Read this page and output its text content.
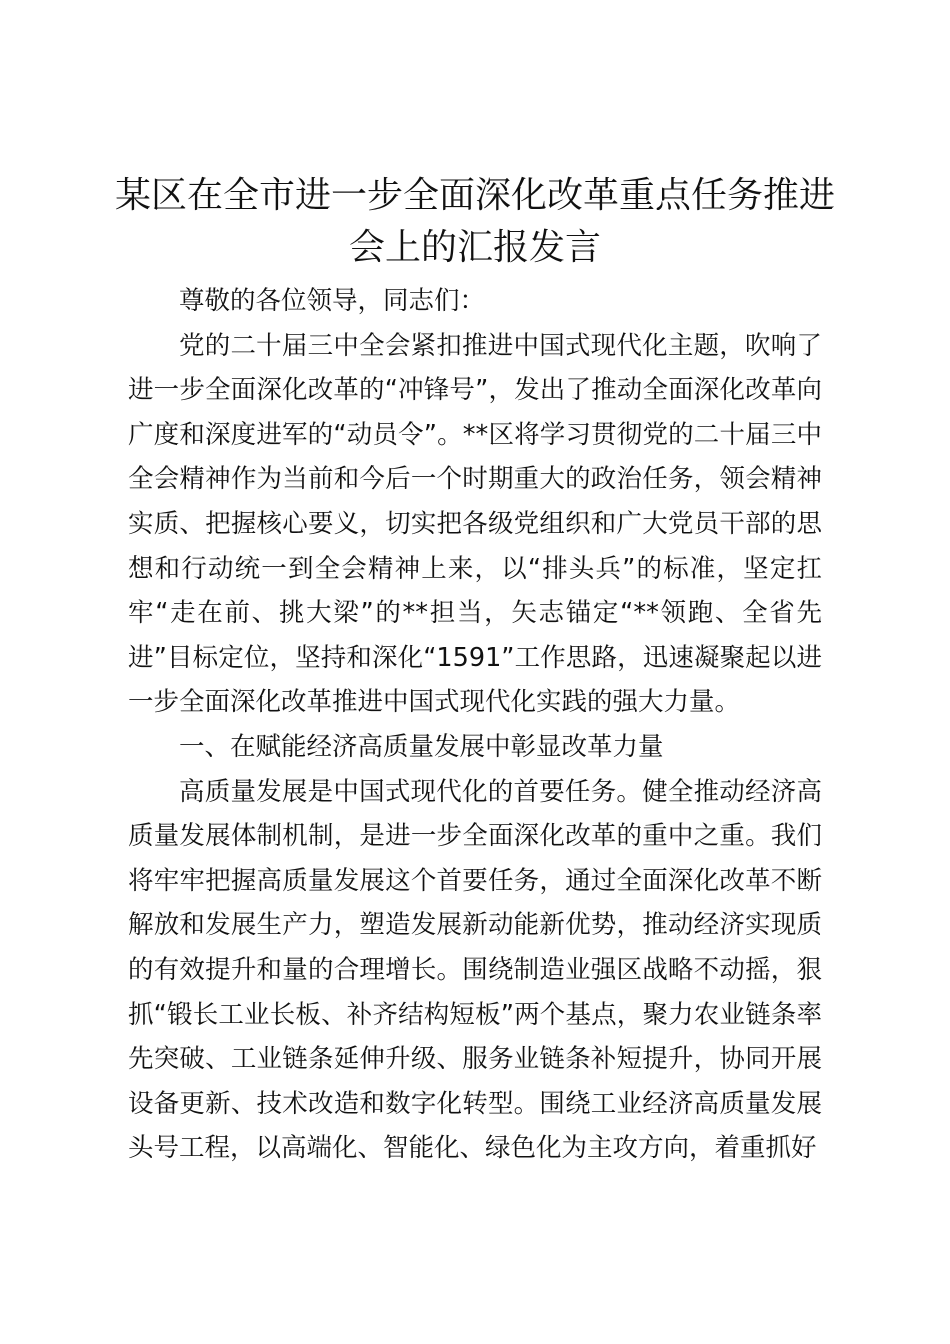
某区在全市进一步全面深化改革重点任务推进
会上的汇报发言

尊敬的各位领导，同志们：

党的二十届三中全会紧扣推进中国式现代化主题，吹响了进一步全面深化改革的“冲锋号”，发出了推动全面深化改革向广度和深度进军的“动员令”。**区将学习贯彻党的二十届三中全会精神作为当前和今后一个时期重大的政治任务，领会精神实质、把握核心要义，切实把各级党组织和广大党员干部的思想和行动统一到全会精神上来，以“排头兵”的标准，坚定扛牢“走在前、挑大梁”的**担当，矢志锚定“**领跑、全省先进”目标定位，坚持和深化“1591”工作思路，迅速凝聚起以进一步全面深化改革推进中国式现代化实践的强大力量。

一、在赋能经济高质量发展中彰显改革力量

高质量发展是中国式现代化的首要任务。健全推动经济高质量发展体制机制，是进一步全面深化改革的重中之重。我们将牢牢把握高质量发展这个首要任务，通过全面深化改革不断解放和发展生产力，塑造发展新动能新优势，推动经济实现质的有效提升和量的合理增长。围绕制造业强区战略不动摇，狠抓“锻长工业长板、补齐结构短板”两个基点，聚力农业链条率先突破、工业链条延伸升级、服务业链条补短提升，协同开展设备更新、技术改造和数字化转型。围绕工业经济高质量发展头号工程，以高端化、智能化、绿色化为主攻方向，着重抓好
